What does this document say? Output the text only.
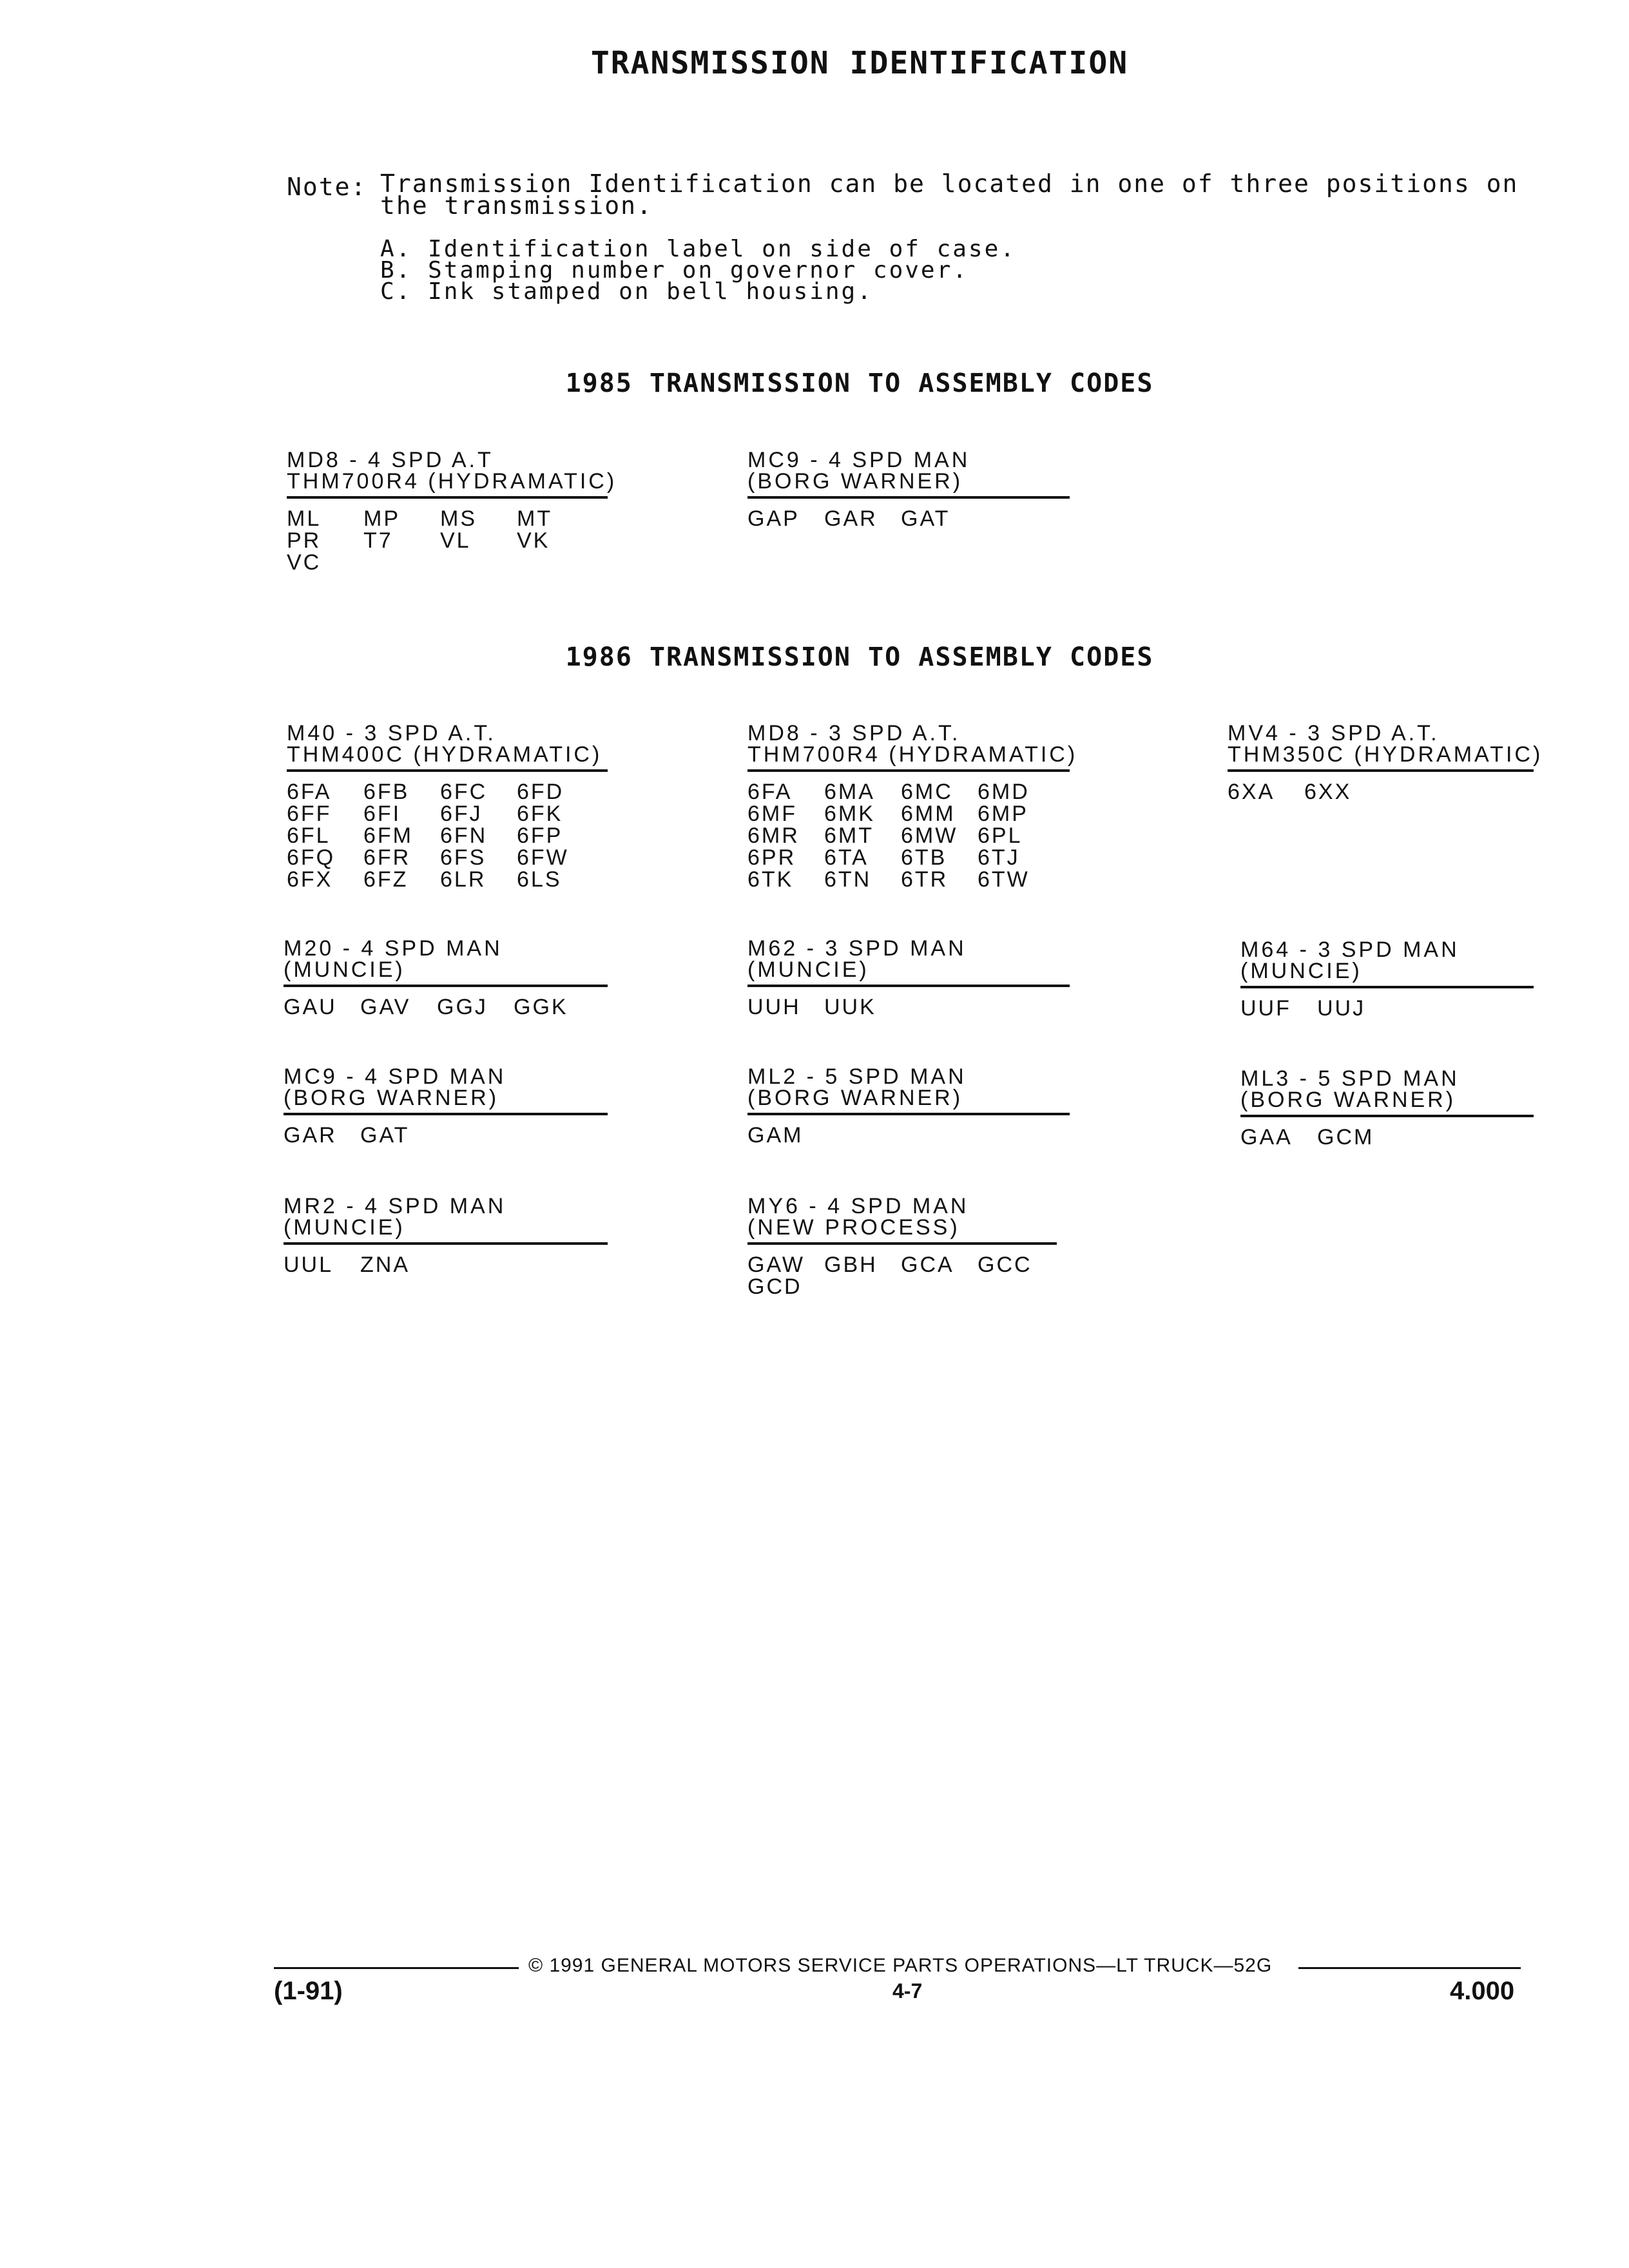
TRANSMISSION IDENTIFICATION
Note: Transmission Identification can be located in one of three positions on the transmission.
A. Identification label on side of case.
B. Stamping number on governor cover.
C. Ink stamped on bell housing.
1985 TRANSMISSION TO ASSEMBLY CODES
MD8 - 4 SPD A.T
THM700R4 (HYDRAMATIC)
ML	MP	MS	MT
PR	T7	VL	VK
VC
MC9 - 4 SPD MAN
(BORG WARNER)
GAP	GAR	GAT
1986 TRANSMISSION TO ASSEMBLY CODES
M40 - 3 SPD A.T.
THM400C (HYDRAMATIC)
6FA	6FB	6FC	6FD
6FF	6FI	6FJ	6FK
6FL	6FM	6FN	6FP
6FQ	6FR	6FS	6FW
6FX	6FZ	6LR	6LS
MD8 - 3 SPD A.T.
THM700R4 (HYDRAMATIC)
6FA	6MA	6MC	6MD
6MF	6MK	6MM	6MP
6MR	6MT	6MW 6PL
6PR	6TA	6TB	6TJ
6TK	6TN	6TR	6TW
MV4 - 3 SPD A.T.
THM350C (HYDRAMATIC)
6XA	6XX
M20 - 4 SPD MAN
(MUNCIE)
GAU	GAV	GGJ	GGK
M62 - 3 SPD MAN
(MUNCIE)
UUH	UUK
M64 - 3 SPD MAN
(MUNCIE)
UUF	UUJ
MC9 - 4 SPD MAN
(BORG WARNER)
GAR	GAT
ML2 - 5 SPD MAN
(BORG WARNER)
GAM
ML3 - 5 SPD MAN
(BORG WARNER)
GAA	GCM
MR2 - 4 SPD MAN
(MUNCIE)
UUL	ZNA
MY6 - 4 SPD MAN
(NEW PROCESS)
GAW GBH	GCA	GCC
GCD
© 1991 GENERAL MOTORS SERVICE PARTS OPERATIONS—LT TRUCK—52G
(1-91)	4-7	4.000
